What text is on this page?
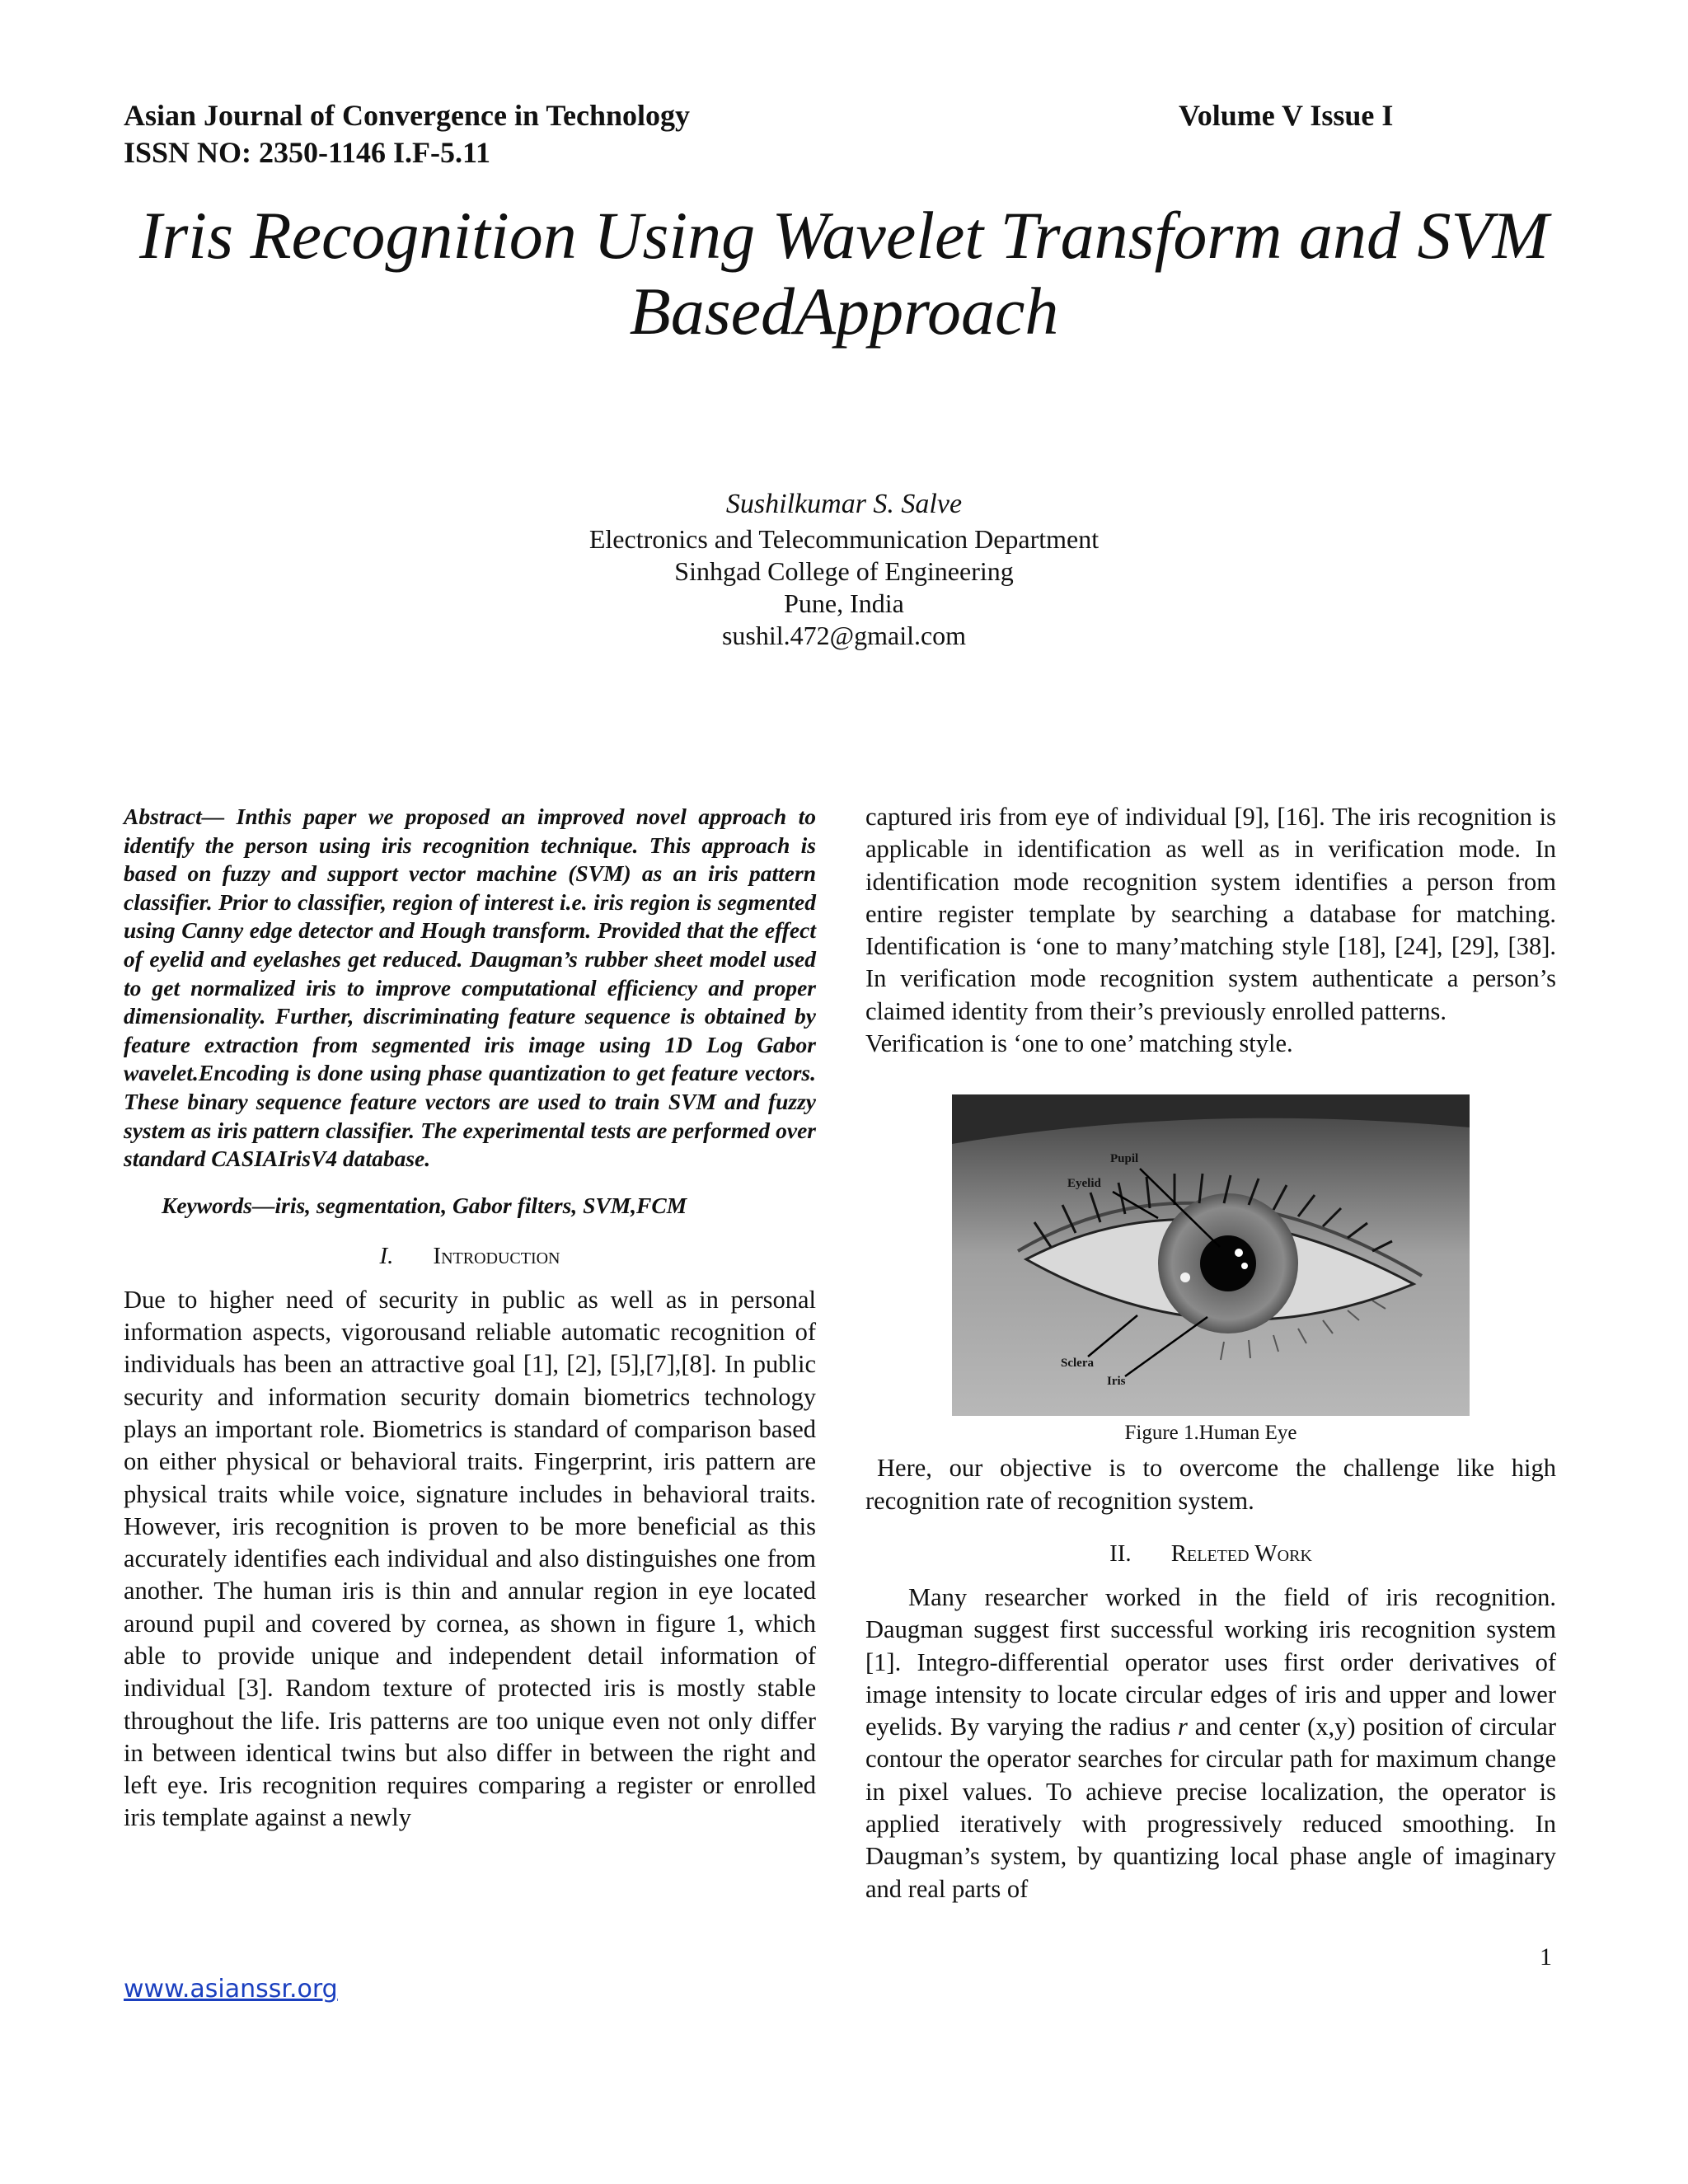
Asian Journal of Convergence in Technology
ISSN NO: 2350-1146 I.F-5.11
Volume V Issue I
Iris Recognition Using Wavelet Transform and SVM
BasedApproach
Sushilkumar S. Salve
Electronics and Telecommunication Department
Sinhgad College of Engineering
Pune, India
sushil.472@gmail.com

Abstract— Inthis paper we proposed an improved novel approach to identify the person using iris recognition technique. This approach is based on fuzzy and support vector machine (SVM) as an iris pattern classifier. Prior to classifier, region of interest i.e. iris region is segmented using Canny edge detector and Hough transform. Provided that the effect of eyelid and eyelashes get reduced. Daugman’s rubber sheet model used to get normalized iris to improve computational efficiency and proper dimensionality. Further, discriminating feature sequence is obtained by feature extraction from segmented iris image using 1D Log Gabor wavelet.Encoding is done using phase quantization to get feature vectors. These binary sequence feature vectors are used to train SVM and fuzzy system as iris pattern classifier. The experimental tests are performed over standard CASIAIrisV4 database.

Keywords—iris, segmentation, Gabor filters, SVM,FCM
I. Introduction

Due to higher need of security in public as well as in personal information aspects, vigorousand reliable automatic recognition of individuals has been an attractive goal [1], [2], [5],[7],[8]. In public security and information security domain biometrics technology plays an important role. Biometrics is standard of comparison based on either physical or behavioral traits. Fingerprint, iris pattern are physical traits while voice, signature includes in behavioral traits. However, iris recognition is proven to be more beneficial as this accurately identifies each individual and also distinguishes one from another. The human iris is thin and annular region in eye located around pupil and covered by cornea, as shown in figure 1, which able to provide unique and independent detail information of individual [3]. Random texture of protected iris is mostly stable throughout the life. Iris patterns are too unique even not only differ in between identical twins but also differ in between the right and left eye. Iris recognition requires comparing a register or enrolled iris template against a newly

captured iris from eye of individual [9], [16]. The iris recognition is applicable in identification as well as in verification mode. In identification mode recognition system identifies a person from entire register template by searching a database for matching. Identification is ‘one to many’matching style [18], [24], [29], [38]. In verification mode recognition system authenticate a person’s claimed identity from their’s previously enrolled patterns.

Verification is ‘one to one’ matching style.

Pupil
Eyelid
Sclera
Iris
Figure 1.Human Eye

Here, our objective is to overcome the challenge like high recognition rate of recognition system.

II. Releted Work

Many researcher worked in the field of iris recognition. Daugman suggest first successful working iris recognition system [1]. Integro-differential operator uses first order derivatives of image intensity to locate circular edges of iris and upper and lower eyelids. By varying the radius r and center (x,y) position of circular contour the operator searches for circular path for maximum change in pixel values. To achieve precise localization, the operator is applied iteratively with progressively reduced smoothing. In Daugman’s system, by quantizing local phase angle of imaginary and real parts of

1
www.asianssr.org
